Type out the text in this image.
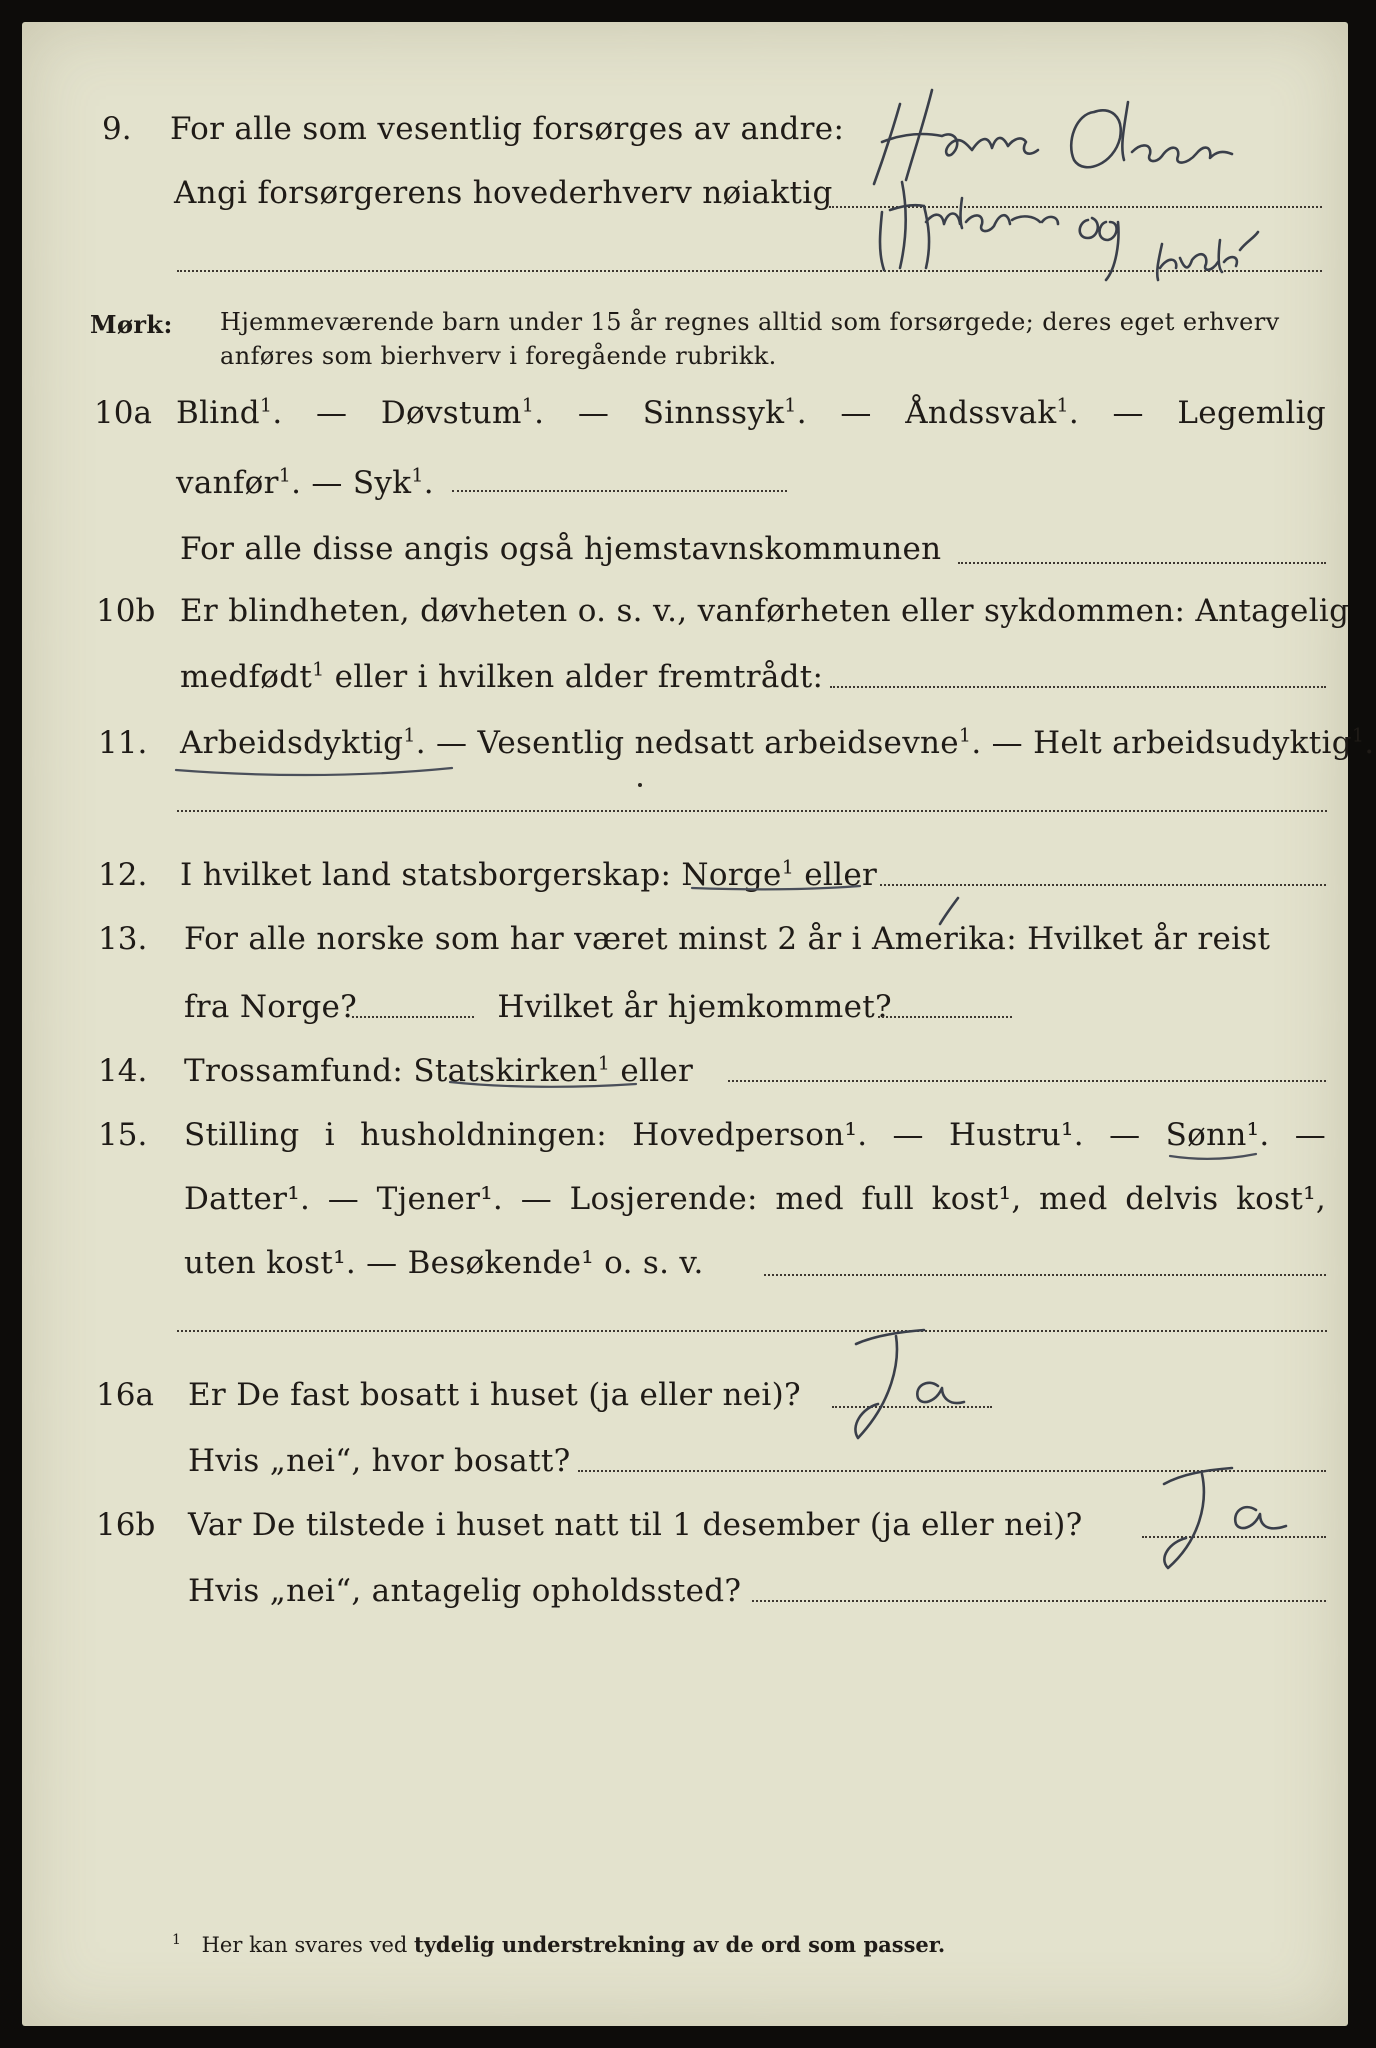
9. For alle som vesentlig forsørges av andre:
Angi forsørgerens hovederhverv nøiaktig
Mørk: Hjemmeværende barn under 15 år regnes alltid som forsørgede; deres eget erhverv
anføres som bierhverv i foregående rubrikk.
10a Blind$^1$. — Døvstum$^1$. — Sinnssyk$^1$. — Åndssvak$^1$. — Legemlig
vanfør$^1$. — Syk$^1$.
For alle disse angis også hjemstavnskommunen
10b Er blindheten, døvheten o. s. v., vanførheten eller sykdommen: Antagelig
medfødt$^1$ eller i hvilken alder fremtrådt:
11. Arbeidsdyktig$^1$. — Vesentlig nedsatt arbeidsevne$^1$. — Helt arbeidsudyktig$^1$.
12. I hvilket land statsborgerskap: Norge$^1$ eller
13. For alle norske som har været minst 2 år i Amerika: Hvilket år reist
fra Norge?	Hvilket år hjemkommet?
14. Trossamfund: Statskirken$^1$ eller
15. Stilling i husholdningen: Hovedperson¹. — Hustru¹. — Sønn¹. —
Datter¹. — Tjener¹. — Losjerende: med full kost¹, med delvis kost¹,
uten kost¹. — Besøkende¹ o. s. v.
16a Er De fast bosatt i huset (ja eller nei)?
Hvis „nei“, hvor bosatt?
16b Var De tilstede i huset natt til 1 desember (ja eller nei)?
Hvis „nei“, antagelig opholdssted?
$^1$ Her kan svares ved tydelig understrekning av de ord som passer.
